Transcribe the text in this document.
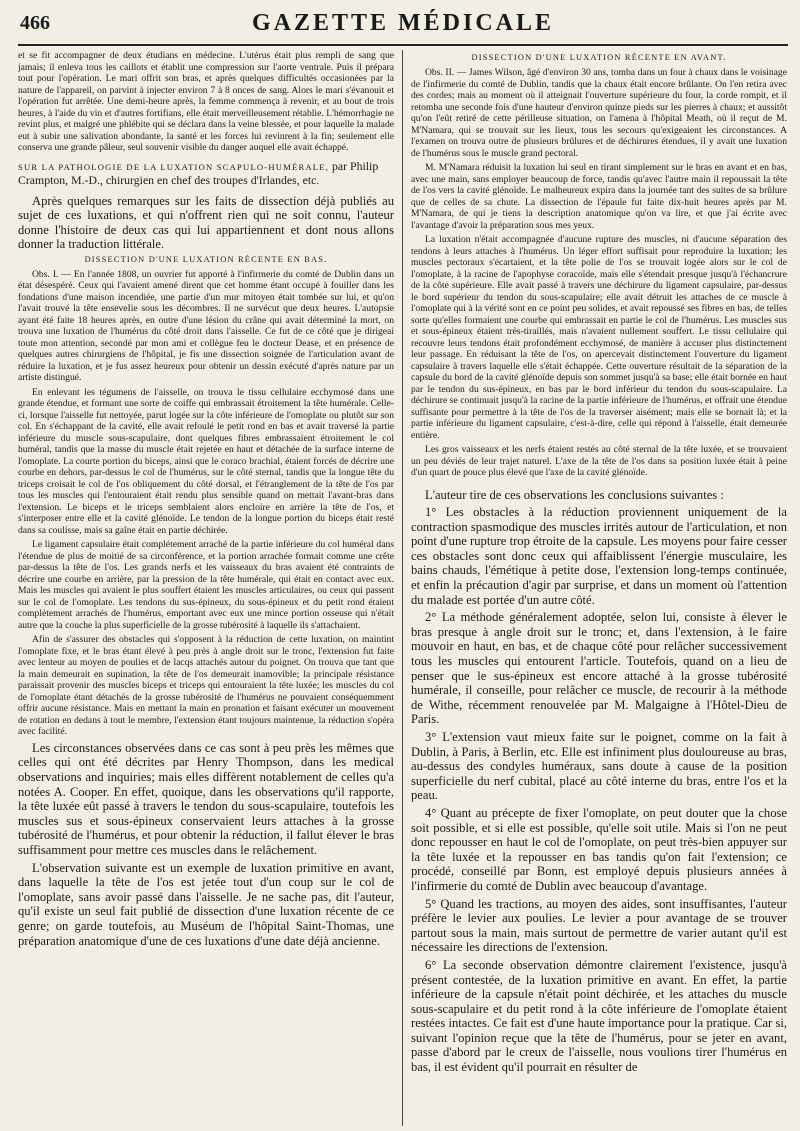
466	GAZETTE MÉDICALE

et se fit accompagner de deux étudians en médecine. L'utérus était plus rempli de sang que jamais; il enleva tous les caillots et établit une compression sur l'aorte ventrale. Puis il prépara tout pour l'opération. Le mari offrit son bras, et après quelques difficultés occasionées par la nature de l'appareil, on parvint à injecter environ 7 à 8 onces de sang. Alors le mari s'évanouit et l'opération fut arrêtée. Une demi-heure après, la femme commença à revenir, et au bout de trois heures, à l'aide du vin et d'autres fortifians, elle était merveilleusement rétablie. L'hémorrhagie ne revint plus, et malgré une phlébite qui se déclara dans la veine blessée, et pour laquelle la malade eut à subir une salivation abondante, la santé et les forces lui revinrent à la fin; seulement elle conserva une grande pâleur, seul souvenir visible du danger auquel elle avait échappé.

SUR LA PATHOLOGIE DE LA LUXATION SCAPULO-HUMÉRALE, par Philip Crampton, M.-D., chirurgien en chef des troupes d'Irlandes, etc.

Après quelques remarques sur les faits de dissection déjà publiés au sujet de ces luxations, et qui n'offrent rien qui ne soit connu, l'auteur donne l'histoire de deux cas qui lui appartiennent et dont nous allons donner la traduction littérale.

DISSECTION D'UNE LUXATION RÉCENTE EN BAS.

Obs. I. — En l'année 1808, un ouvrier fut apporté à l'infirmerie du comté de Dublin dans un état désespéré. Ceux qui l'avaient amené dirent que cet homme étant occupé à fouiller dans les fondations d'une maison incendiée, une partie d'un mur mitoyen était tombée sur lui, et qu'on l'avait trouvé la tête enseveIie sous les décombres. Il ne survécut que deux heures. L'autopsie ayant été faite 18 heures après, en outre d'une lésion du crâne qui avait déterminé la mort, on trouva une luxation de l'humérus du côté droit dans l'aisselle. Ce fut de ce côté que je dirigeai toute mon attention, secondé par mon ami et collègue feu le docteur Dease, et en présence de quelques autres chirurgiens de l'hôpital, je fis une dissection soignée de l'articulation avant de réduire la luxation, et je fus assez heureux pour obtenir un dessin exécuté d'après nature par un artiste distingué.

En enlevant les tégumens de l'aisselle, on trouva le tissu cellulaire ecchymosé dans une grande étendue, et formant une sorte de coiffe qui embrassait étroitement la tête humérale. Celle-ci, lorsque l'aisselle fut nettoyée, parut logée sur la côte inférieure de l'omoplate ou plutôt sur son col. En s'échappant de la cavité, elle avait refoulé le petit rond en bas et avait traversé la partie inférieure du muscle sous-scapulaire, dont quelques fibres embrassaient étroitement le col huméral, tandis que la masse du muscle était rejetée en haut et détachée de la surface interne de l'omoplate. La courte portion du biceps, ainsi que le coraco brachial, étaient forcés de décrire une courbe en dehors, par-dessus le col de l'humérus, sur le côté sternal, tandis que la longue tête du triceps croisait le col de l'os obliquement du côté dorsal, et l'étranglement de la tête de l'os par tous les muscles qui l'entouraient était rendu plus sensible quand on mettait l'avant-bras dans l'extension. Le biceps et le triceps semblaient alors encloire en arrière la tête de l'os, et s'interposer entre elle et la cavité glénoïde. Le tendon de la longue portion du biceps était resté dans sa coulisse, mais sa gaîne était en partie déchirée.

Le ligament capsulaire était complétement arraché de la partie inférieure du col huméral dans l'étendue de plus de moitié de sa circonférence, et la portion arrachée formait comme une crête par-dessus la tête de l'os. Les grands nerfs et les vaisseaux du bras avaient été contraints de décrire une courbe en arrière, par la pression de la tête humérale, qui était en contact avec eux. Mais les muscles qui avaient le plus souffert étaient les muscles articulaires, ou ceux qui passent sur le col de l'omoplate. Les tendons du sus-épineux, du sous-épineux et du petit rond étaient complètement arrachés de l'humérus, emportant avec eux une mince portion osseuse qui n'était autre que la couche la plus superficielle de la grosse tubérosité à laquelle ils s'attachaient.

Afin de s'assurer des obstacles qui s'opposent à la réduction de cette luxation, on maintint l'omoplate fixe, et le bras étant élevé à peu près à angle droit sur le tronc, l'extension fut faite avec lenteur au moyen de poulies et de lacqs attachés autour du poignet. On trouva que tant que la main demeurait en supination, la tête de l'os demeurait inamovible; la principale résistance paraissait provenir des muscles biceps et triceps qui entouraient la tête luxée; les muscles du col de l'omoplate étant détachés de la grosse tubérosité de l'humérus ne pouvaient conséquemment offrir aucune résistance. Mais en mettant la main en pronation et faisant exécuter un mouvement de rotation en dedans à tout le membre, l'extension étant toujours maintenue, la réduction s'opéra avec facilité.

Les circonstances observées dans ce cas sont à peu près les mêmes que celles qui ont été décrites par Henry Thompson, dans les medical observations and inquiries; mais elles diffèrent notablement de celles qu'a notées A. Cooper. En effet, quoique, dans les observations qu'il rapporte, la tête luxée eût passé à travers le tendon du sous-scapulaire, toutefois les muscles sus et sous-épineux conservaient leurs attaches à la grosse tubérosité de l'humérus, et pour obtenir la réduction, il fallut élever le bras suffisamment pour mettre ces muscles dans le relâchement.

L'observation suivante est un exemple de luxation primitive en avant, dans laquelle la tête de l'os est jetée tout d'un coup sur le col de l'omoplate, sans avoir passé dans l'aisselle. Je ne sache pas, dit l'auteur, qu'il existe un seul fait publié de dissection d'une luxation récente de ce genre; on garde toutefois, au Muséum de l'hôpital Saint-Thomas, une préparation anatomique d'une de ces luxations d'une date déjà ancienne.

DISSECTION D'UNE LUXATION RÉCENTE EN AVANT.

Obs. II. — James Wilson, âgé d'environ 30 ans, tomba dans un four à chaux dans le voisinage de l'infirmerie du comté de Dublin, tandis que la chaux était encore brûlante. On l'en retira avec des cordes; mais au moment où il atteignait l'ouverture supérieure du four, la corde rompit, et il retomba une seconde fois d'une hauteur d'environ quinze pieds sur les pierres à chaux; et aussitôt qu'on l'eût retiré de cette périlleuse situation, on l'amena à l'hôpital Meath, où il reçut de M. M'Namara, qui se trouvait sur les lieux, tous les secours qu'exigeaient les circonstances. A l'examen on trouva outre de plusieurs brûlures et de déchirures étendues, il y avait une luxation de l'humérus sous le muscle grand pectoral.

M. M'Namara réduisit la luxation lui seul en tirant simplement sur le bras en avant et en bas, avec une main, sans employer beaucoup de force, tandis qu'avec l'autre main il repoussait la tête de l'os vers la cavité glénoïde. Le malheureux expira dans la journée tant des suites de sa brûlure que de celles de sa chute. La dissection de l'épaule fut faite dix-huit heures après par M. M'Namara, de qui je tiens la description anatomique qu'on va lire, et que j'ai écrite avec l'avantage d'avoir la préparation sous mes yeux.

La luxation n'était accompagnée d'aucune rupture des muscles, ni d'aucune séparation des tendons à leurs attaches à l'humérus. Un léger effort suffisait pour reproduire la luxation; les muscles pectoraux s'écartaient, et la tête polie de l'os se trouvait logée alors sur le col de l'omoplate, à la racine de l'apophyse coracoïde, mais elle s'étendait presque jusqu'à l'échancrure de la côte supérieure. Elle avait passé à travers une déchirure du ligament capsulaire, par-dessus le bord supérieur du tendon du sous-scapulaire; elle avait détruit les attaches de ce muscle à l'omoplate qui à la vérité sont en ce point peu solides, et avait repoussé ses fibres en bas, de telles sorte qu'elles formaient une courbe qui embrassait en partie le col de l'humérus. Les muscles sus et sous-épineux étaient très-tiraillés, mais n'avaient nullement souffert. Le tissu cellulaire qui recouvre leurs tendons était profondément ecchymosé, de manière à accuser plus distinctement leur passage. En réduisant la tête de l'os, on apercevait distinctement l'ouverture du ligament capsulaire à travers laquelle elle s'était échappée. Cette ouverture résultait de la séparation de la capsule du bord de la cavité glénoïde depuis son sommet jusqu'à sa base; elle était bornée en haut par le tendon du sus-épineux, en bas par le bord inférieur du tendon du sous-scapulaire. La déchirure se continuait jusqu'à la racine de la partie inférieure de l'humérus, et offrait une étendue suffisante pour permettre à la tête de l'os de la traverser aisément; mais elle se bornait là; et la partie inférieure du ligament capsulaire, c'est-à-dire, celle qui répond à l'aisselle, était demeurée entière.

Les gros vaisseaux et les nerfs étaient restés au côté sternal de la tête luxée, et se trouvaient un peu déviés de leur trajet naturel. L'axe de la tête de l'os dans sa position luxée était à peine d'un quart de pouce plus élevé que l'axe de la cavité glénoïde.

L'auteur tire de ces observations les conclusions suivantes :

1° Les obstacles à la réduction proviennent uniquement de la contraction spasmodique des muscles irrités autour de l'articulation, et non point d'une rupture trop étroite de la capsule. Les moyens pour faire cesser ces obstacles sont donc ceux qui affaiblissent l'énergie musculaire, les bains chauds, l'émétique à petite dose, l'extension long-temps continuée, et enfin la précaution d'agir par surprise, et dans un moment où l'attention du malade est portée d'un autre côté.

2° La méthode généralement adoptée, selon lui, consiste à élever le bras presque à angle droit sur le tronc; et, dans l'extension, à le faire mouvoir en haut, en bas, et de chaque côté pour relâcher successivement tous les muscles qui entourent l'article. Toutefois, quand on a lieu de penser que le sus-épineux est encore attaché à la grosse tubérosité humérale, il conseille, pour relâcher ce muscle, de recourir à la méthode de Withe, récemment renouvelée par M. Malgaigne à l'Hôtel-Dieu de Paris.

3° L'extension vaut mieux faite sur le poignet, comme on la fait à Dublin, à Paris, à Berlin, etc. Elle est infiniment plus douloureuse au bras, au-dessus des condyles huméraux, sans doute à cause de la position superficielle du nerf cubital, placé au côté interne du bras, entre l'os et la peau.

4° Quant au précepte de fixer l'omoplate, on peut douter que la chose soit possible, et si elle est possible, qu'elle soit utile. Mais si l'on ne peut donc repousser en haut le col de l'omoplate, on peut très-bien appuyer sur la tête luxée et la repousser en bas tandis qu'on fait l'extension; ce procédé, conseillé par Bonn, est employé depuis plusieurs années à l'infirmerie du comté de Dublin avec beaucoup d'avantage.

5° Quand les tractions, au moyen des aides, sont insuffisantes, l'auteur préfère le levier aux poulies. Le levier a pour avantage de se trouver partout sous la main, mais surtout de permettre de varier autant qu'il est nécessaire les directions de l'extension.

6° La seconde observation démontre clairement l'existence, jusqu'à présent contestée, de la luxation primitive en avant. En effet, la partie inférieure de la capsule n'était point déchirée, et les attaches du muscle sous-scapulaire et du petit rond à la côte inférieure de l'omoplate étaient restées intactes. Ce fait est d'une haute importance pour la pratique. Car si, suivant l'opinion reçue que la tête de l'humérus, pour se jeter en avant, passe d'abord par le creux de l'aisselle, nous voulions tirer l'humérus en bas, il est évident qu'il pourrait en résulter de
